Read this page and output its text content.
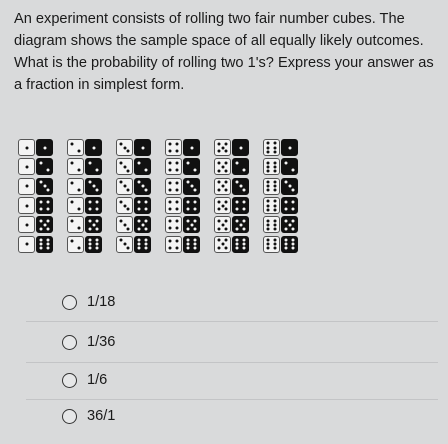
An experiment consists of rolling two fair number cubes. The diagram shows the sample space of all equally likely outcomes. What is the probability of rolling two 1's? Express your answer as a fraction in simplest form.

1/18
1/36
1/6
36/1
